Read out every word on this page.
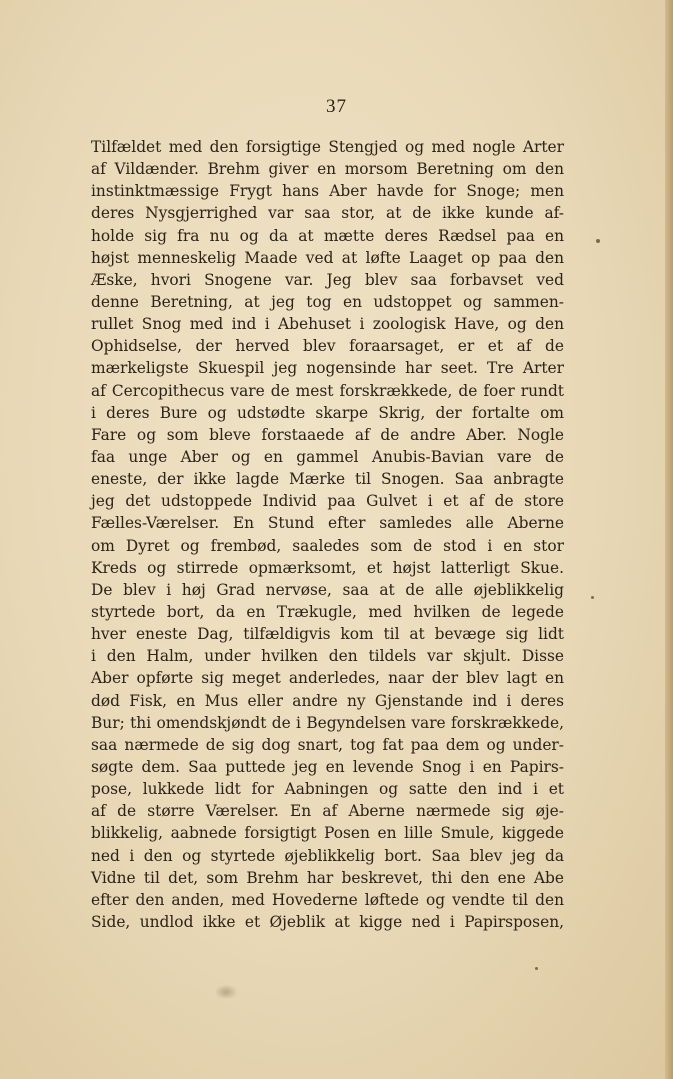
37
Tilfældet med den forsigtige Stengjed og med nogle Arter
af Vildænder. Brehm giver en morsom Beretning om den
instinktmæssige Frygt hans Aber havde for Snoge; men
deres Nysgjerrighed var saa stor, at de ikke kunde af-
holde sig fra nu og da at mætte deres Rædsel paa en
højst menneskelig Maade ved at løfte Laaget op paa den
Æske, hvori Snogene var. Jeg blev saa forbavset ved
denne Beretning, at jeg tog en udstoppet og sammen-
rullet Snog med ind i Abehuset i zoologisk Have, og den
Ophidselse, der herved blev foraarsaget, er et af de
mærkeligste Skuespil jeg nogensinde har seet. Tre Arter
af Cercopithecus vare de mest forskrækkede, de foer rundt
i deres Bure og udstødte skarpe Skrig, der fortalte om
Fare og som bleve forstaaede af de andre Aber. Nogle
faa unge Aber og en gammel Anubis-Bavian vare de
eneste, der ikke lagde Mærke til Snogen. Saa anbragte
jeg det udstoppede Individ paa Gulvet i et af de store
Fælles-Værelser. En Stund efter samledes alle Aberne
om Dyret og frembød, saaledes som de stod i en stor
Kreds og stirrede opmærksomt, et højst latterligt Skue.
De blev i høj Grad nervøse, saa at de alle øjeblikkelig
styrtede bort, da en Trækugle, med hvilken de legede
hver eneste Dag, tilfældigvis kom til at bevæge sig lidt
i den Halm, under hvilken den tildels var skjult. Disse
Aber opførte sig meget anderledes, naar der blev lagt en
død Fisk, en Mus eller andre ny Gjenstande ind i deres
Bur; thi omendskjøndt de i Begyndelsen vare forskrækkede,
saa nærmede de sig dog snart, tog fat paa dem og under-
søgte dem. Saa puttede jeg en levende Snog i en Papirs-
pose, lukkede lidt for Aabningen og satte den ind i et
af de større Værelser. En af Aberne nærmede sig øje-
blikkelig, aabnede forsigtigt Posen en lille Smule, kiggede
ned i den og styrtede øjeblikkelig bort. Saa blev jeg da
Vidne til det, som Brehm har beskrevet, thi den ene Abe
efter den anden, med Hovederne løftede og vendte til den
Side, undlod ikke et Øjeblik at kigge ned i Papirsposen,
